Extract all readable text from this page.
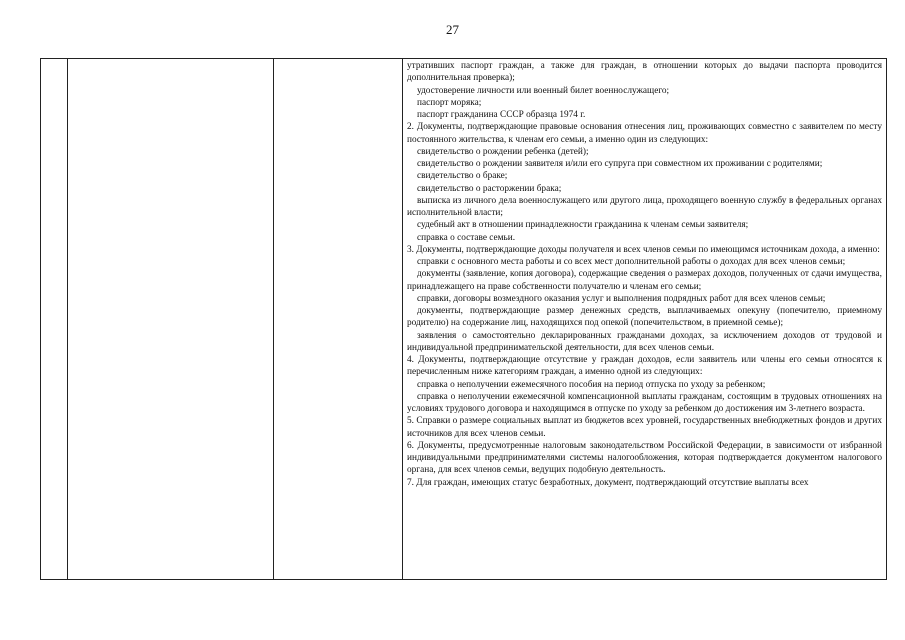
27

утративших паспорт граждан, а также для граждан, в отношении которых до выдачи паспорта проводится дополнительная проверка);

удостоверение личности или военный билет военнослужащего;

паспорт моряка;

паспорт гражданина СССР образца 1974 г.

2. Документы, подтверждающие правовые основания отнесения лиц, проживающих совместно с заявителем по месту постоянного жительства, к членам его семьи, а именно один из следующих:

свидетельство о рождении ребенка (детей);

свидетельство о рождении заявителя и/или его супруга при совместном их проживании с родителями;

свидетельство о браке;

свидетельство о расторжении брака;

выписка из личного дела военнослужащего или другого лица, проходящего военную службу в федеральных органах исполнительной власти;

судебный акт в отношении принадлежности гражданина к членам семьи заявителя;

справка о составе семьи.

3. Документы, подтверждающие доходы получателя и всех членов семьи по имеющимся источникам дохода, а именно:

справки с основного места работы и со всех мест дополнительной работы о доходах для всех членов семьи;

документы (заявление, копия договора), содержащие сведения о размерах доходов, полученных от сдачи имущества, принадлежащего на праве собственности получателю и членам его семьи;

справки, договоры возмездного оказания услуг и выполнения подрядных работ для всех членов семьи;

документы, подтверждающие размер денежных средств, выплачиваемых опекуну (попечителю, приемному родителю) на содержание лиц, находящихся под опекой (попечительством, в приемной семье);

заявления о самостоятельно декларированных гражданами доходах, за исключением доходов от трудовой и индивидуальной предпринимательской деятельности, для всех членов семьи.

4. Документы, подтверждающие отсутствие у граждан доходов, если заявитель или члены его семьи относятся к перечисленным ниже категориям граждан, а именно одной из следующих:

справка о неполучении ежемесячного пособия на период отпуска по уходу за ребенком;

справка о неполучении ежемесячной компенсационной выплаты гражданам, состоящим в трудовых отношениях на условиях трудового договора и находящимся в отпуске по уходу за ребенком до достижения им 3-летнего возраста.

5. Справки о размере социальных выплат из бюджетов всех уровней, государственных внебюджетных фондов и других источников для всех членов семьи.

6. Документы, предусмотренные налоговым законодательством Российской Федерации, в зависимости от избранной индивидуальными предпринимателями системы налогообложения, которая подтверждается документом налогового органа, для всех членов семьи, ведущих подобную деятельность.

7. Для граждан, имеющих статус безработных, документ, подтверждающий отсутствие выплаты всех
